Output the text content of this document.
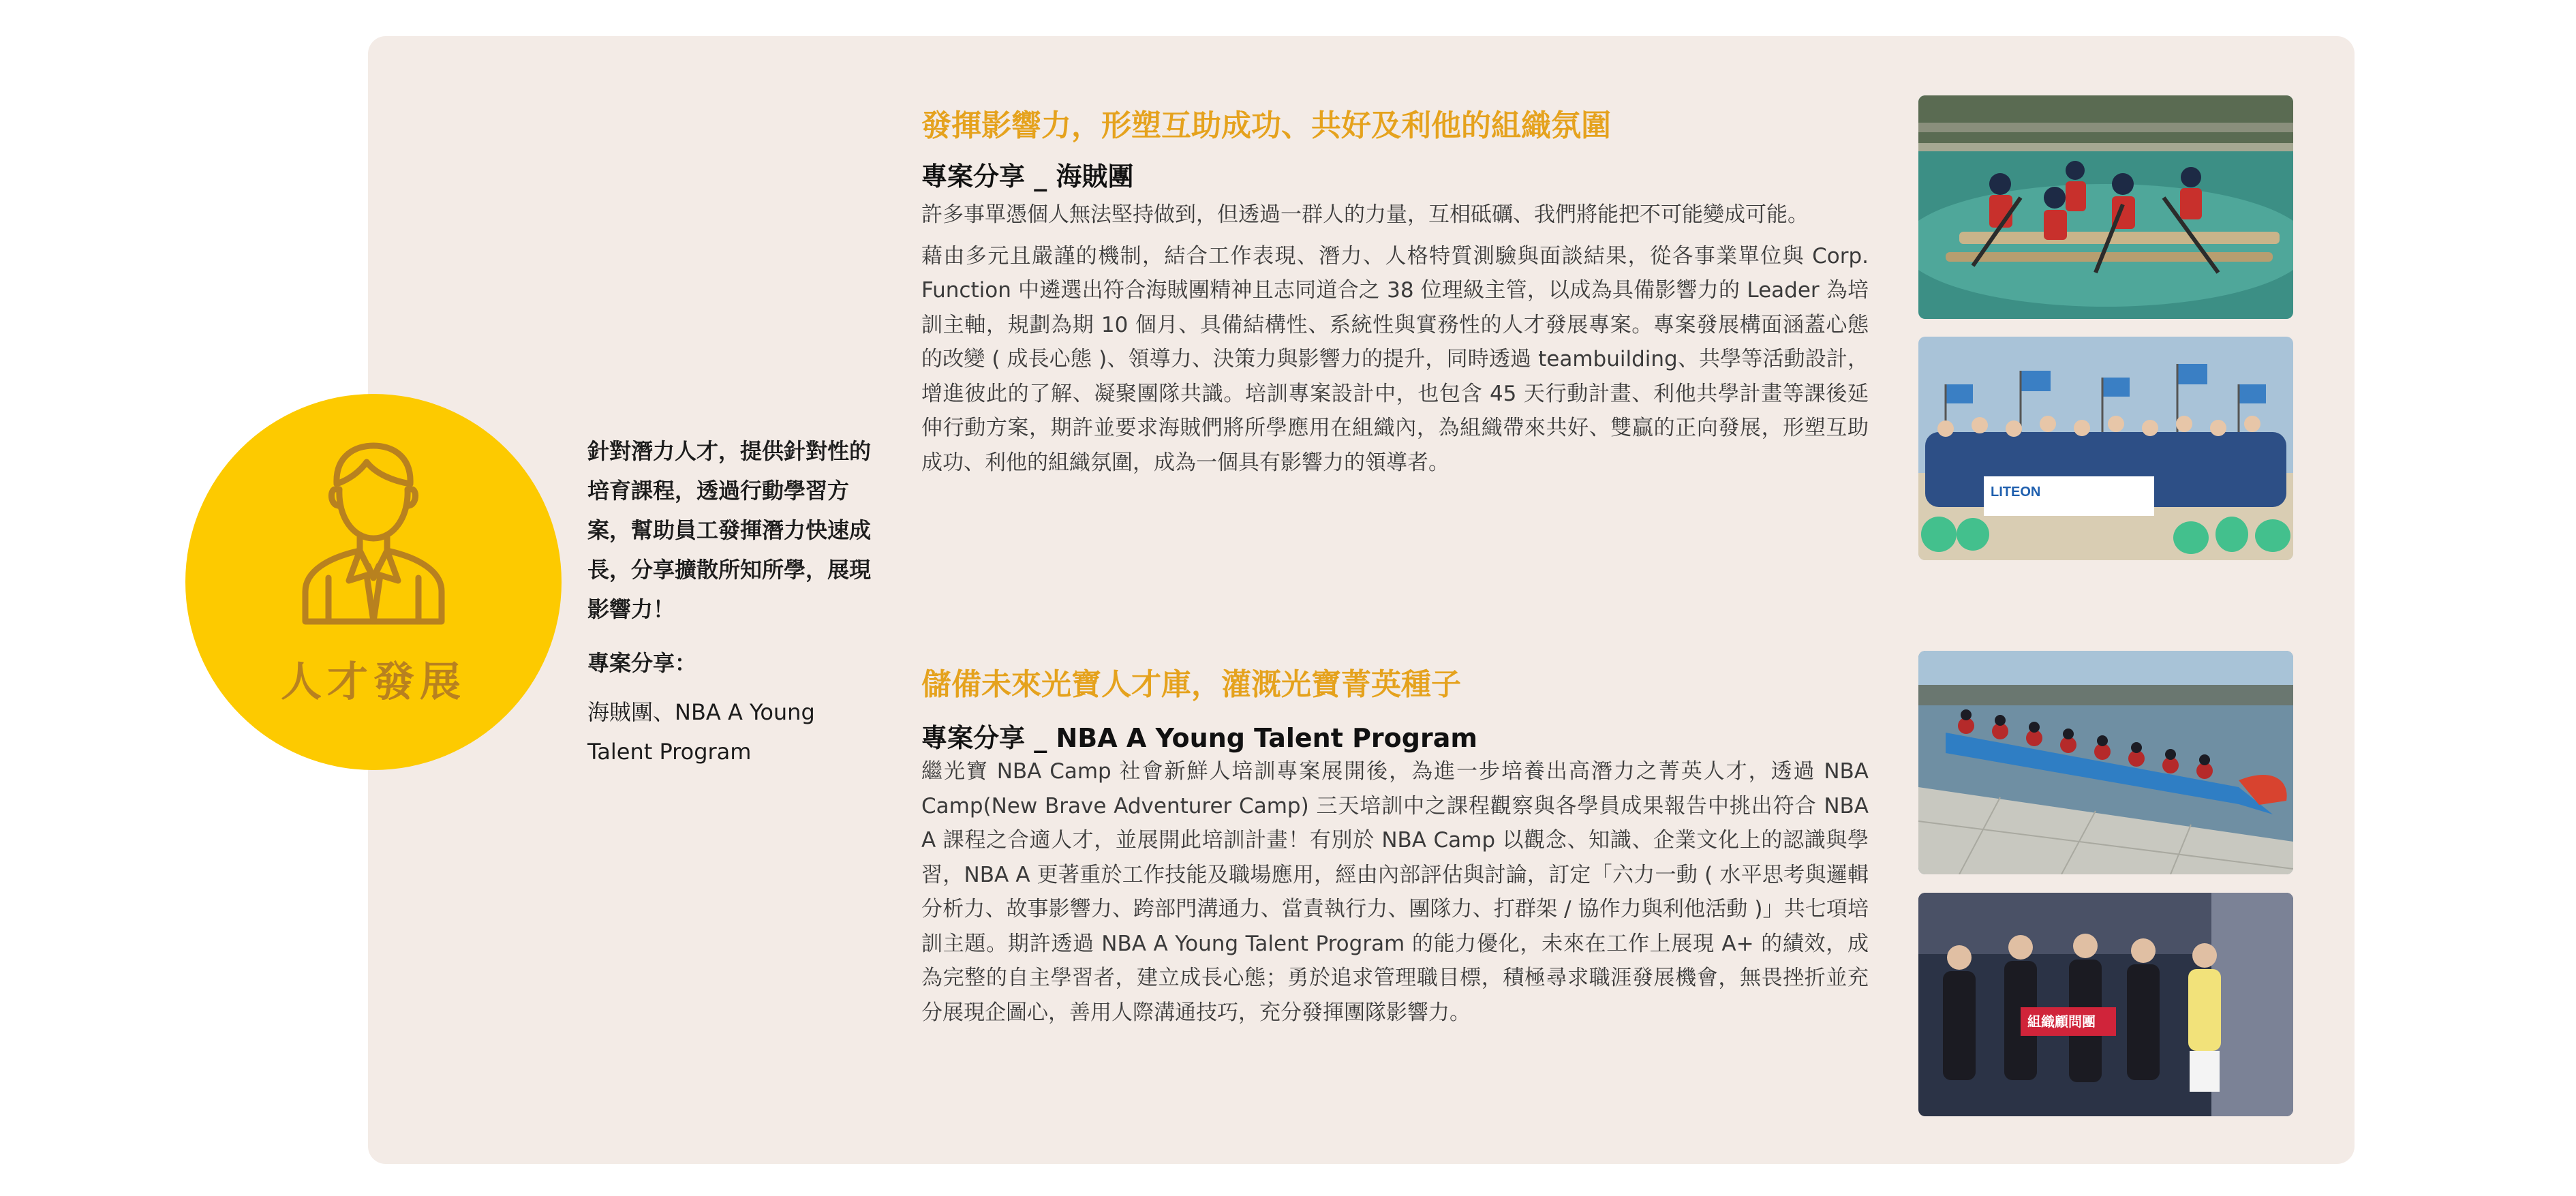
人才發展
針對潛力人才，提供針對性的培育課程，透過行動學習方案，幫助員工發揮潛力快速成長，分享擴散所知所學，展現影響力！
專案分享：
海賊團、NBA A Young Talent Program
發揮影響力，形塑互助成功、共好及利他的組織氛圍
專案分享 _ 海賊團

許多事單憑個人無法堅持做到，但透過一群人的力量，互相砥礪、我們將能把不可能變成可能。

藉由多元且嚴謹的機制，結合工作表現、潛力、人格特質測驗與面談結果，從各事業單位與 Corp. Function 中遴選出符合海賊團精神且志同道合之 38 位理級主管，以成為具備影響力的 Leader 為培訓主軸，規劃為期 10 個月、具備結構性、系統性與實務性的人才發展專案。專案發展構面涵蓋心態的改變 ( 成長心態 )、領導力、決策力與影響力的提升，同時透過 teambuilding、共學等活動設計，增進彼此的了解、凝聚團隊共識。培訓專案設計中，也包含 45 天行動計畫、利他共學計畫等課後延伸行動方案，期許並要求海賊們將所學應用在組織內，為組織帶來共好、雙贏的正向發展，形塑互助成功、利他的組織氛圍，成為一個具有影響力的領導者。

儲備未來光寶人才庫，灌溉光寶菁英種子
專案分享 _ NBA A Young Talent Program

繼光寶 NBA Camp 社會新鮮人培訓專案展開後，為進一步培養出高潛力之菁英人才，透過 NBA Camp(New Brave Adventurer Camp) 三天培訓中之課程觀察與各學員成果報告中挑出符合 NBA A 課程之合適人才，並展開此培訓計畫！有別於 NBA Camp 以觀念、知識、企業文化上的認識與學習，NBA A 更著重於工作技能及職場應用，經由內部評估與討論，訂定「六力一動 ( 水平思考與邏輯分析力、故事影響力、跨部門溝通力、當責執行力、團隊力、打群架 / 協作力與利他活動 )」共七項培訓主題。期許透過 NBA A Young Talent Program 的能力優化，未來在工作上展現 A+ 的績效，成為完整的自主學習者，建立成長心態；勇於追求管理職目標，積極尋求職涯發展機會，無畏挫折並充分展現企圖心，善用人際溝通技巧，充分發揮團隊影響力。

LITEON
組織顧問團
